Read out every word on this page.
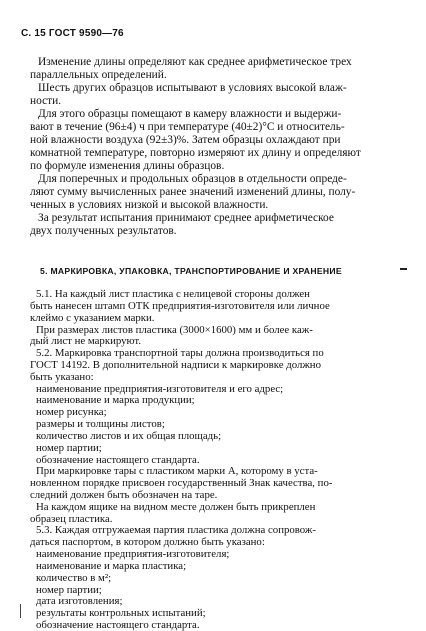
С. 15 ГОСТ 9590—76
Изменение длины определяют как среднее арифметическое трех
параллельных определений.
Шесть других образцов испытывают в условиях высокой влаж-
ности.
Для этого образцы помещают в камеру влажности и выдержи-
вают в течение (96±4) ч при температуре (40±2)°С и относитель-
ной влажности воздуха (92±3)%. Затем образцы охлаждают при
комнатной температуре, повторно измеряют их длину и определяют
по формуле изменения длины образцов.
Для поперечных и продольных образцов в отдельности опреде-
ляют сумму вычисленных ранее значений изменений длины, полу-
ченных в условиях низкой и высокой влажности.
За результат испытания принимают среднее арифметическое
двух полученных результатов.
5. МАРКИРОВКА, УПАКОВКА, ТРАНСПОРТИРОВАНИЕ И ХРАНЕНИЕ
5.1. На каждый лист пластика с нелицевой стороны должен
быть нанесен штамп ОТК предприятия-изготовителя или личное
клеймо с указанием марки.
При размерах листов пластика (3000×1600) мм и более каж-
дый лист не маркируют.
5.2. Маркировка транспортной тары должна производиться по
ГОСТ 14192. В дополнительной надписи к маркировке должно
быть указано:
наименование предприятия-изготовителя и его адрес;
наименование и марка продукции;
номер рисунка;
размеры и толщины листов;
количество листов и их общая площадь;
номер партии;
обозначение настоящего стандарта.
При маркировке тары с пластиком марки А, которому в уста-
новленном порядке присвоен государственный Знак качества, по-
следний должен быть обозначен на таре.
На каждом ящике на видном месте должен быть прикреплен
образец пластика.
5.3. Каждая отгружаемая партия пластика должна сопровож-
даться паспортом, в котором должно быть указано:
наименование предприятия-изготовителя;
наименование и марка пластика;
количество в м²;
номер партии;
дата изготовления;
результаты контрольных испытаний;
обозначение настоящего стандарта.
